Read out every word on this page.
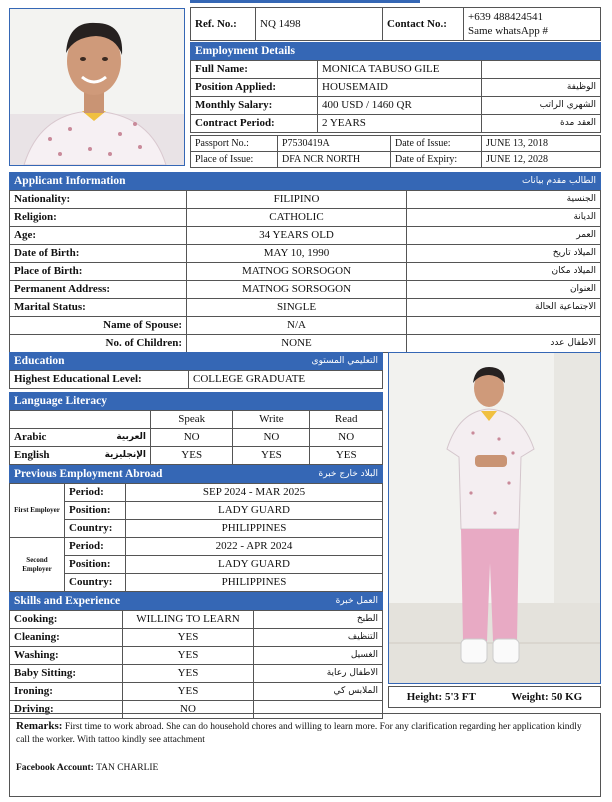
Ref. No.:	NQ 1498	Contact No.:	
+639 488424541
Same whatsApp #
Employment Details
Full Name:	MONICA TABUSO GILE	
Position Applied:	HOUSEMAID	الوظيفة
Monthly Salary:	400 USD / 1460 QR	الشهري الراتب
Contract Period:	2 YEARS	العقد مدة
Passport No.:	P7530419A	Date of Issue:	JUNE 13, 2018
Place of Issue:	DFA NCR NORTH	Date of Expiry:	JUNE 12, 2028
Applicant Information	الطالب مقدم بيانات
Nationality:	FILIPINO	الجنسية
Religion:	CATHOLIC	الديانة
Age:	34 YEARS OLD	العمر
Date of Birth:	MAY 10, 1990	الميلاد تاريخ
Place of Birth:	MATNOG SORSOGON	الميلاد مكان
Permanent Address:	MATNOG SORSOGON	العنوان
Marital Status:	SINGLE	الاجتماعية الحالة
Name of Spouse:	N/A	
No. of Children:	NONE	الاطفال عدد
Education	التعليمي المستوى
Highest Educational Level:	COLLEGE GRADUATE
Language Literacy
	Speak	Write	Read
Arabic العربية	NO	NO	NO
English الإنجليزية	YES	YES	YES
Previous Employment Abroad	البلاد خارج خبرة
First Employer	Period:	SEP 2024 - MAR 2025
	Position:	LADY GUARD
	Country:	PHILIPPINES
Second Employer	Period:	2022 - APR 2024
	Position:	LADY GUARD
	Country:	PHILIPPINES
Skills and Experience	العمل خبرة
Cooking:	WILLING TO LEARN	الطبخ
Cleaning:	YES	التنظيف
Washing:	YES	الغسيل
Baby Sitting:	YES	الاطفال رعاية
Ironing:	YES	الملابس كي
Driving:	NO	
Height: 5'3 FT	Weight: 50 KG
Remarks: First time to work abroad. She can do household chores and willing to learn more. For any clarification regarding her application kindly call the worker. With tattoo kindly see attachment
Facebook Account: TAN CHARLIE
